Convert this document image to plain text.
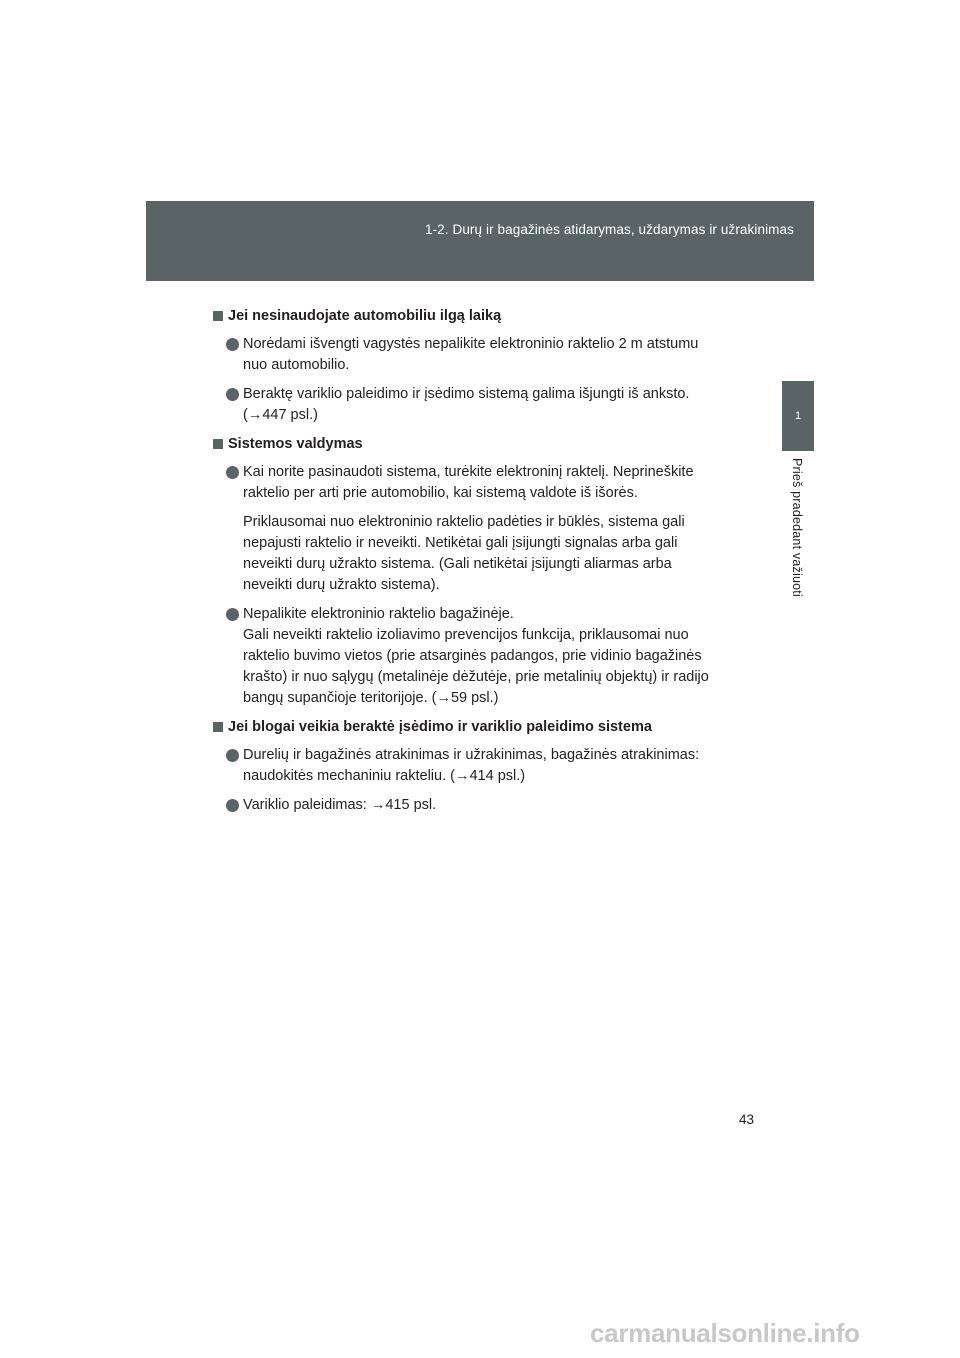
1-2. Durų ir bagažinės atidarymas, uždarymas ir užrakinimas
1
Prieš pradedant važiuoti
Jei nesinaudojate automobiliu ilgą laiką
Norėdami išvengti vagystės nepalikite elektroninio raktelio 2 m atstumu
nuo automobilio.
Beraktę variklio paleidimo ir įsėdimo sistemą galima išjungti iš anksto.
(→447 psl.)
Sistemos valdymas
Kai norite pasinaudoti sistema, turėkite elektroninį raktelį. Neprineškite
raktelio per arti prie automobilio, kai sistemą valdote iš išorės.
Priklausomai nuo elektroninio raktelio padėties ir būklės, sistema gali
nepajusti raktelio ir neveikti. Netikėtai gali įsijungti signalas arba gali
neveikti durų užrakto sistema. (Gali netikėtai įsijungti aliarmas arba
neveikti durų užrakto sistema).
Nepalikite elektroninio raktelio bagažinėje.
Gali neveikti raktelio izoliavimo prevencijos funkcija, priklausomai nuo
raktelio buvimo vietos (prie atsarginės padangos, prie vidinio bagažinės
krašto) ir nuo sąlygų (metalinėje dėžutėje, prie metalinių objektų) ir radijo
bangų supančioje teritorijoje. (→59 psl.)
Jei blogai veikia beraktė įsėdimo ir variklio paleidimo sistema
Durelių ir bagažinės atrakinimas ir užrakinimas, bagažinės atrakinimas:
naudokitės mechaniniu rakteliu. (→414 psl.)
Variklio paleidimas: →415 psl.
43
carmanualsonline.info
